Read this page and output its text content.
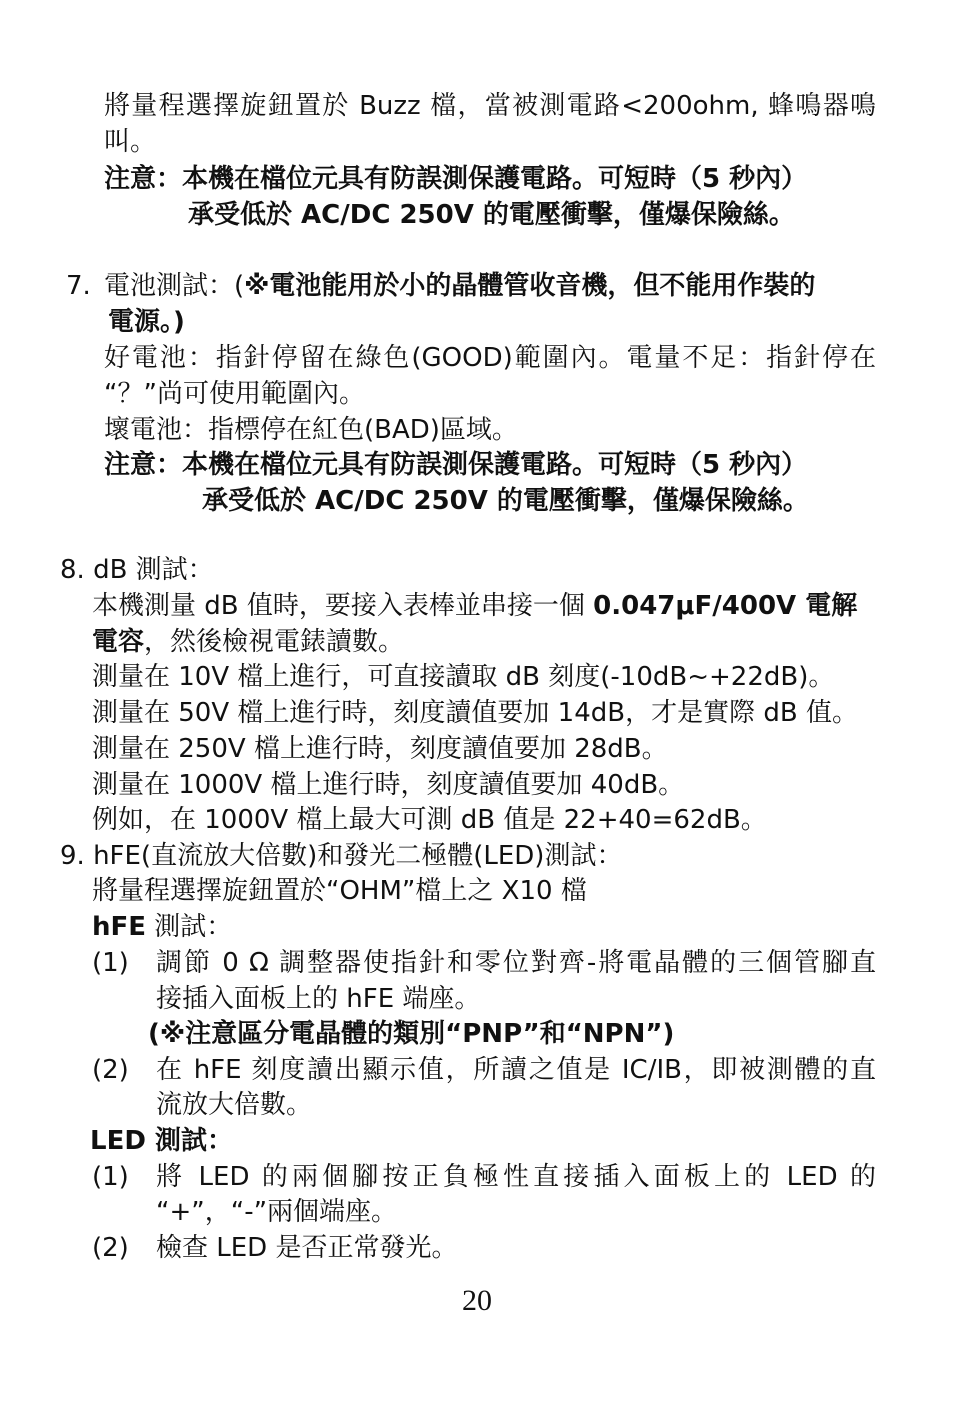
將量程選擇旋鈕置於 Buzz 檔，當被測電路<200ohm, 蜂鳴器鳴
叫。
注意：本機在檔位元具有防誤測保護電路。可短時（5 秒內）
承受低於 AC/DC 250V 的電壓衝擊，僅爆保險絲。
7. 電池測試：(※電池能用於小的晶體管收音機，但不能用作裝的
電源。)
好電池：指針停留在綠色(GOOD)範圍內。電量不足：指針停在
“？”尚可使用範圍內。
壞電池：指標停在紅色(BAD)區域。
注意：本機在檔位元具有防誤測保護電路。可短時（5 秒內）
承受低於 AC/DC 250V 的電壓衝擊，僅爆保險絲。
8. dB 測試：
本機測量 dB 值時，要接入表棒並串接一個 0.047μF/400V 電解
電容，然後檢視電錶讀數。
測量在 10V 檔上進行，可直接讀取 dB 刻度(-10dB~+22dB)。
測量在 50V 檔上進行時，刻度讀值要加 14dB，才是實際 dB 值。
測量在 250V 檔上進行時，刻度讀值要加 28dB。
測量在 1000V 檔上進行時，刻度讀值要加 40dB。
例如，在 1000V 檔上最大可測 dB 值是 22+40=62dB。
9. hFE(直流放大倍數)和發光二極體(LED)測試：
將量程選擇旋鈕置於“OHM”檔上之 X10 檔
hFE 測試：
(1) 調節 0 Ω 調整器使指針和零位對齊-將電晶體的三個管腳直
接插入面板上的 hFE 端座。
(※注意區分電晶體的類別“PNP”和“NPN”)
(2) 在 hFE 刻度讀出顯示值，所讀之值是 IC/IB，即被測體的直
流放大倍數。
LED 測試：
(1) 將 LED 的兩個腳按正負極性直接插入面板上的 LED 的
“+”，“-”兩個端座。
(2) 檢查 LED 是否正常發光。
20
